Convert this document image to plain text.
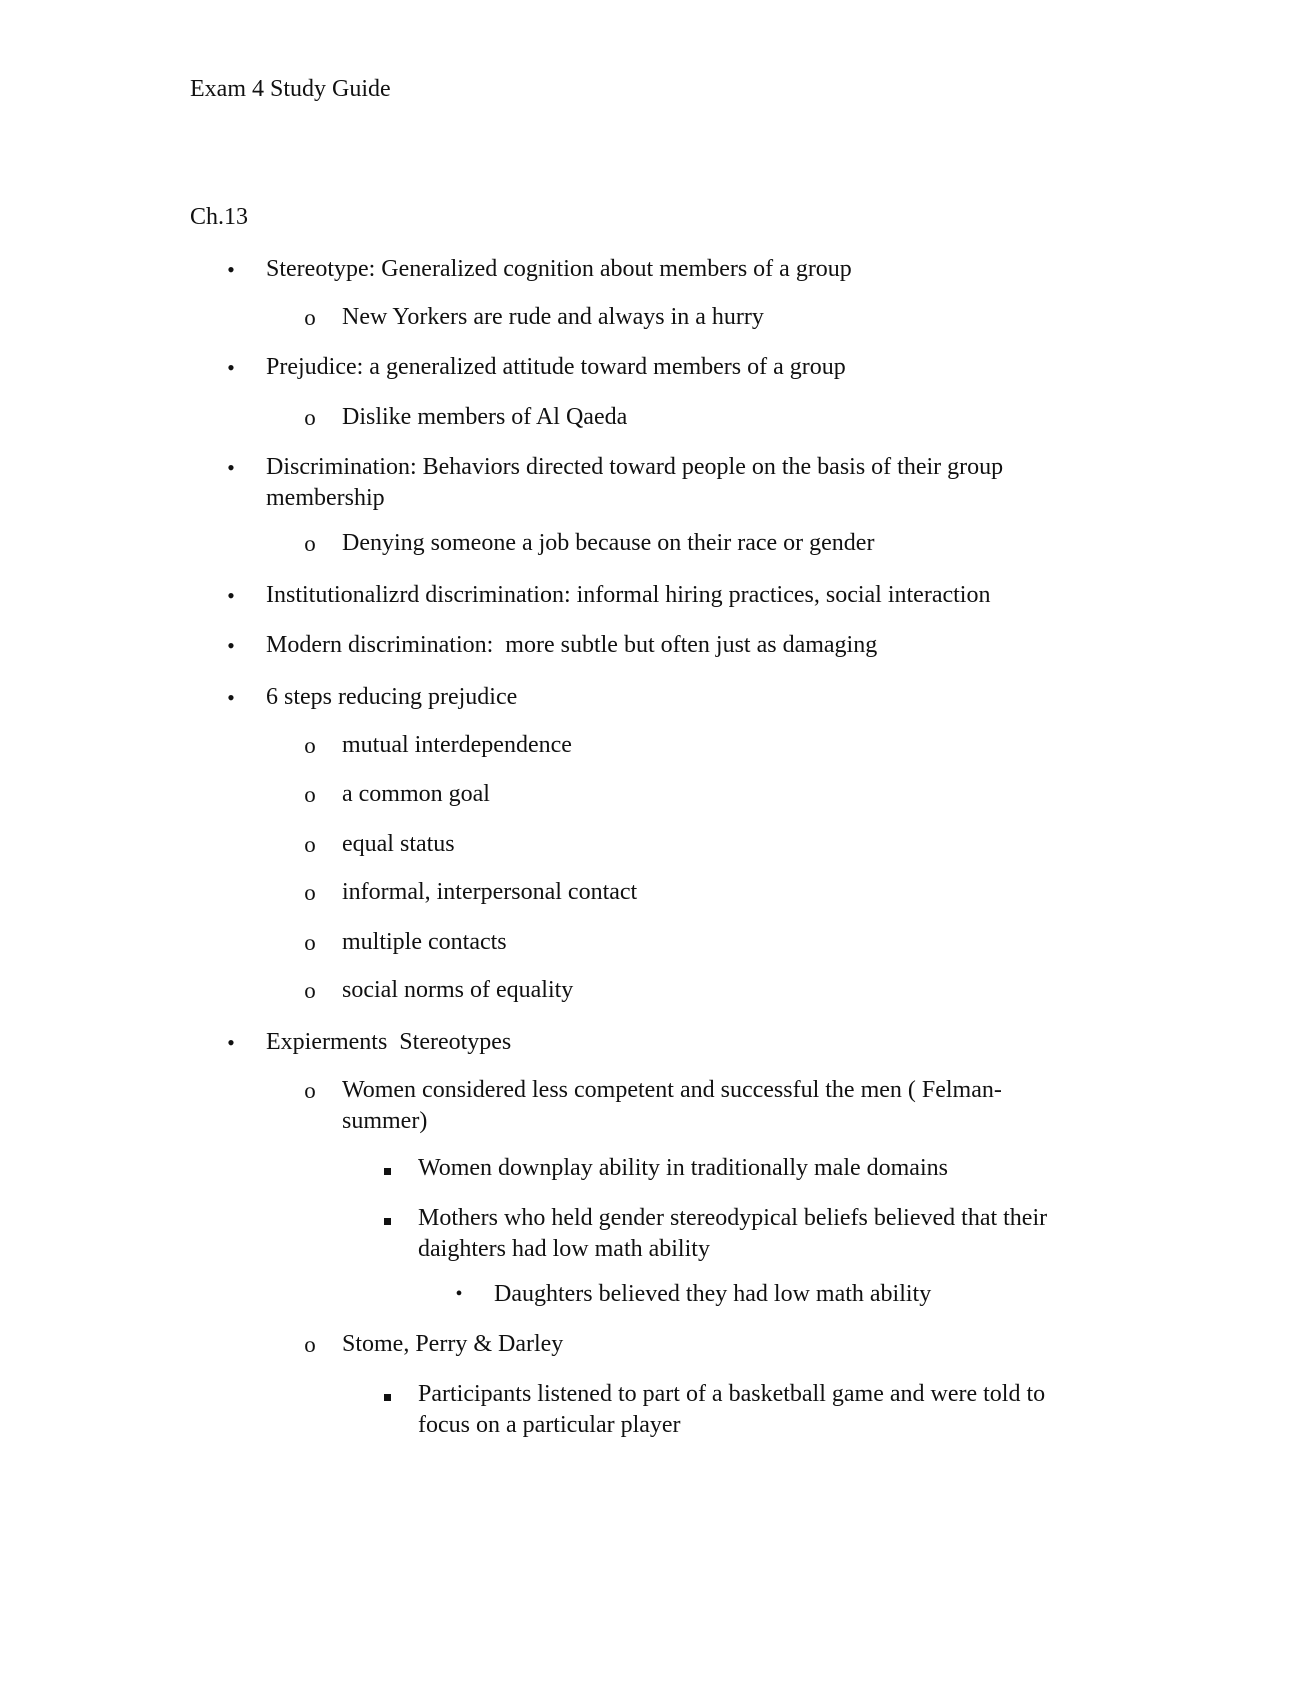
Exam 4 Study Guide
Ch.13
•	Stereotype: Generalized cognition about members of a group
o	New Yorkers are rude and always in a hurry
•	Prejudice: a generalized attitude toward members of a group
o	Dislike members of Al Qaeda
•	Discrimination: Behaviors directed toward people on the basis of their group membership
o	Denying someone a job because on their race or gender
•	Institutionalizrd discrimination: informal hiring practices, social interaction
•	Modern discrimination:  more subtle but often just as damaging
•	6 steps reducing prejudice
o	mutual interdependence
o	a common goal
o	equal status
o	informal, interpersonal contact
o	multiple contacts
o	social norms of equality
•	Expierments  Stereotypes
o	Women considered less competent and successful the men ( Felman-summer)
Women downplay ability in traditionally male domains
Mothers who held gender stereodypical beliefs believed that their daighters had low math ability
•	Daughters believed they had low math ability
o	Stome, Perry & Darley
Participants listened to part of a basketball game and were told to focus on a particular player
